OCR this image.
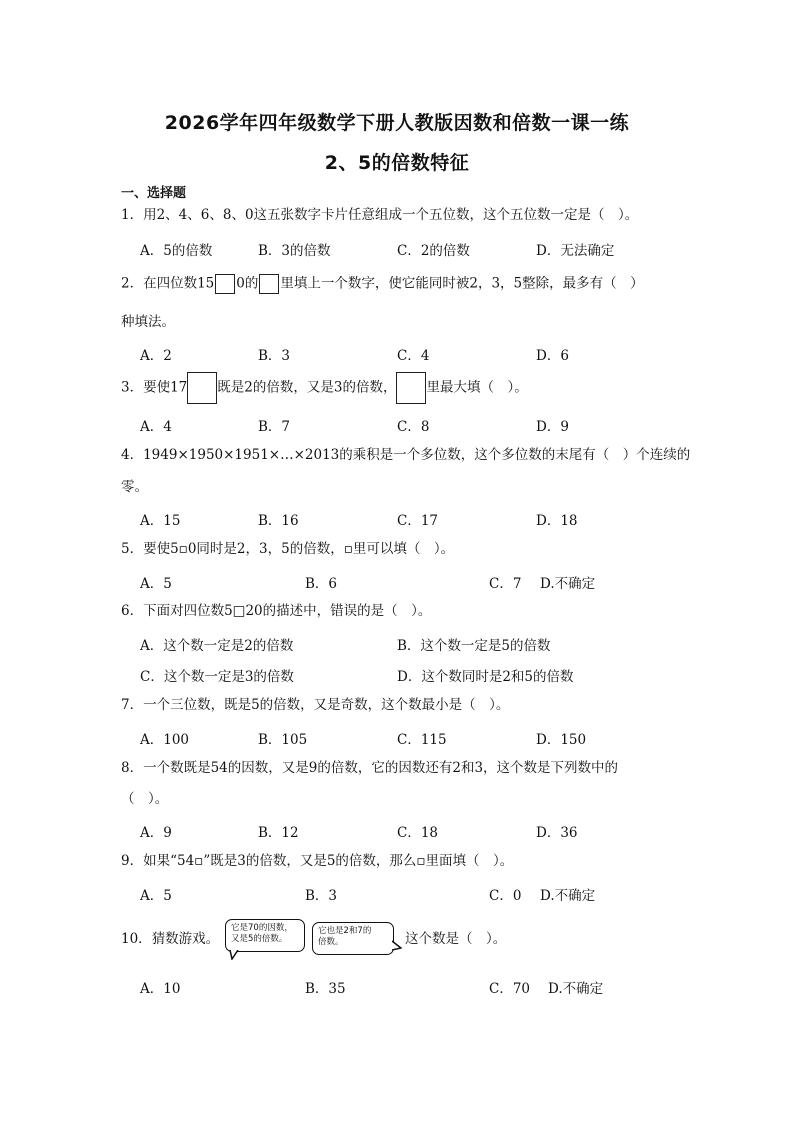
2026学年四年级数学下册人教版因数和倍数一课一练
2、5的倍数特征
一、选择题
1．用2、4、6、8、0这五张数字卡片任意组成一个五位数，这个五位数一定是（　）。
A．5的倍数	B．3的倍数	C．2的倍数	D．无法确定
2．在四位数15 0的 里填上一个数字，使它能同时被2，3，5整除，最多有（　）
种填法。
A．2	B．3	C．4	D．6
3．要使17 既是2的倍数，又是3的倍数， 里最大填（　）。
A．4	B．7	C．8	D．9
4．1949×1950×1951×…×2013的乘积是一个多位数，这个多位数的末尾有（　）个连续的
零。
A．15	B．16	C．17	D．18
5．要使5▫0同时是2，3，5的倍数，▫里可以填（　）。
A．5	B．6	C．7 D.不确定
6．下面对四位数5□20的描述中，错误的是（　）。
A．这个数一定是2的倍数	B．这个数一定是5的倍数
C．这个数一定是3的倍数	D．这个数同时是2和5的倍数
7．一个三位数，既是5的倍数，又是奇数，这个数最小是（　）。
A．100	B．105	C．115	D．150
8．一个数既是54的因数，又是9的倍数，它的因数还有2和3，这个数是下列数中的
（　）。
A．9	B．12	C．18	D．36
9．如果“54▫”既是3的倍数，又是5的倍数，那么▫里面填（　）。
A．5	B．3	C．0 D.不确定
10．猜数游戏。
它是70的因数，
又是5的倍数。
它也是2和7的
倍数。	这个数是（　）。
A．10	B．35	C．70 D.不确定
